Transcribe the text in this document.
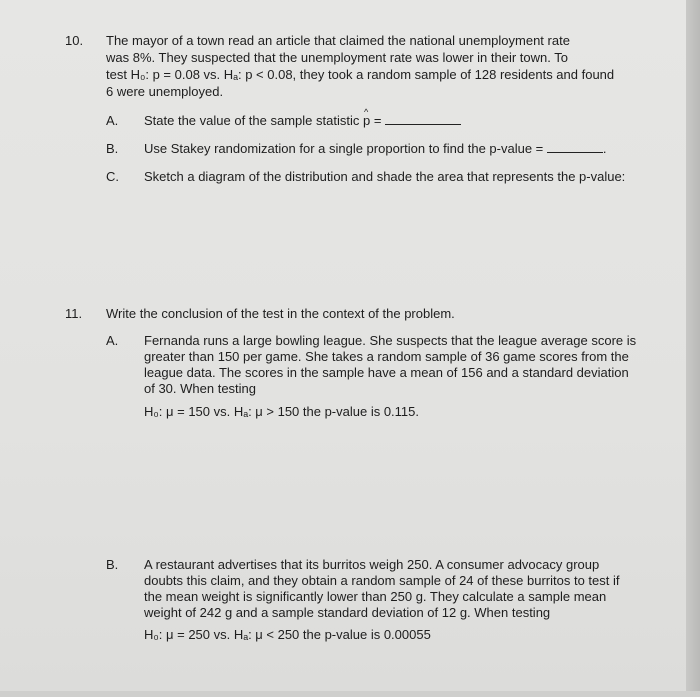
10. The mayor of a town read an article that claimed the national unemployment rate
was 8%. They suspected that the unemployment rate was lower in their town. To
test H₀: p = 0.08 vs. Hₐ: p < 0.08, they took a random sample of 128 residents and found
6 were unemployed.
A. State the value of the sample statistic ^ p =
B. Use Stakey randomization for a single proportion to find the p-value =	.
C. Sketch a diagram of the distribution and shade the area that represents the p-value:
11. Write the conclusion of the test in the context of the problem.
A. Fernanda runs a large bowling league. She suspects that the league average score is
greater than 150 per game. She takes a random sample of 36 game scores from the
league data. The scores in the sample have a mean of 156 and a standard deviation
of 30. When testing
H₀: μ = 150 vs. Hₐ: μ > 150 the p-value is 0.115.
B. A restaurant advertises that its burritos weigh 250. A consumer advocacy group
doubts this claim, and they obtain a random sample of 24 of these burritos to test if
the mean weight is significantly lower than 250 g. They calculate a sample mean
weight of 242 g and a sample standard deviation of 12 g. When testing
H₀: μ = 250 vs. Hₐ: μ < 250 the p-value is 0.00055
